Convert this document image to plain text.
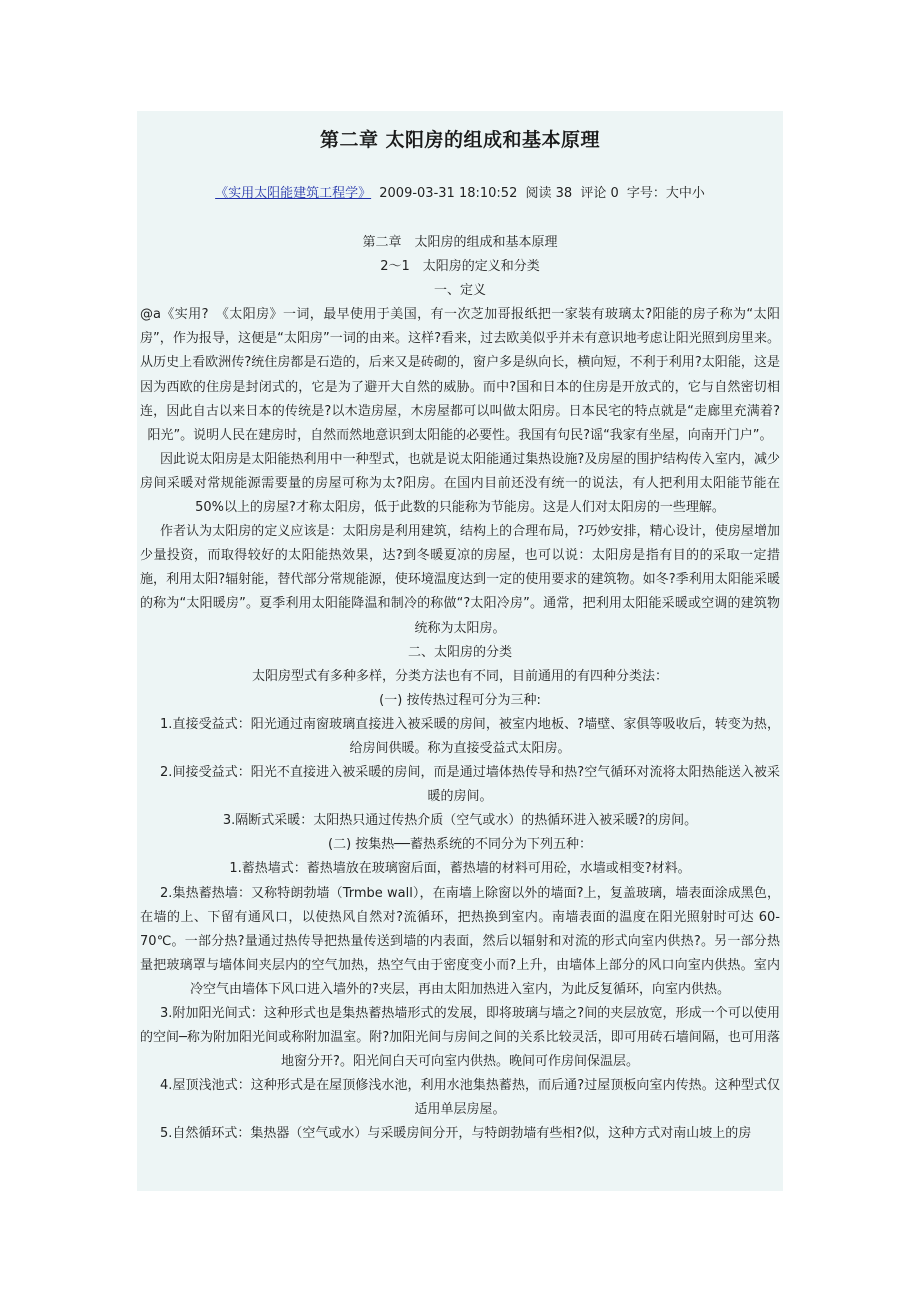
第二章 太阳房的组成和基本原理
《实用太阳能建筑工程学》 2009-03-31 18:10:52 阅读 38 评论 0 字号：大中小
第二章　太阳房的组成和基本原理
2～1　太阳房的定义和分类
一、定义
@a《实用?　《太阳房》一词，最早使用于美国，有一次芝加哥报纸把一家装有玻璃太?阳能的房子称为“太阳房”，作为报导，这便是“太阳房”一词的由来。这样?看来，过去欧美似乎并未有意识地考虑让阳光照到房里来。从历史上看欧洲传?统住房都是石造的，后来又是砖砌的，窗户多是纵向长，横向短，不利于利用?太阳能，这是因为西欧的住房是封闭式的，它是为了避开大自然的威胁。而中?国和日本的住房是开放式的，它与自然密切相连，因此自古以来日本的传统是?以木造房屋，木房屋都可以叫做太阳房。日本民宅的特点就是“走廊里充满着?阳光”。说明人民在建房时，自然而然地意识到太阳能的必要性。我国有句民?谣“我家有坐屋，向南开门户”。
因此说太阳房是太阳能热利用中一种型式，也就是说太阳能通过集热设施?及房屋的围护结构传入室内，减少房间采暖对常规能源需要量的房屋可称为太?阳房。在国内目前还没有统一的说法，有人把利用太阳能节能在 50%以上的房屋?才称太阳房，低于此数的只能称为节能房。这是人们对太阳房的一些理解。
作者认为太阳房的定义应该是：太阳房是利用建筑，结构上的合理布局，?巧妙安排，精心设计，使房屋增加少量投资，而取得较好的太阳能热效果，达?到冬暖夏凉的房屋，也可以说：太阳房是指有目的的采取一定措施，利用太阳?辐射能，替代部分常规能源，使环境温度达到一定的使用要求的建筑物。如冬?季利用太阳能采暖的称为“太阳暖房”。夏季利用太阳能降温和制冷的称做“?太阳冷房”。通常，把利用太阳能采暖或空调的建筑物统称为太阳房。
二、太阳房的分类
太阳房型式有多种多样，分类方法也有不同，目前通用的有四种分类法：
(一) 按传热过程可分为三种:
1.直接受益式：阳光通过南窗玻璃直接进入被采暖的房间，被室内地板、?墙壁、家俱等吸收后，转变为热，给房间供暖。称为直接受益式太阳房。
2.间接受益式：阳光不直接进入被采暖的房间，而是通过墙体热传导和热?空气循环对流将太阳热能送入被采暖的房间。
3.隔断式采暖：太阳热只通过传热介质（空气或水）的热循环进入被采暖?的房间。
(二) 按集热──蓄热系统的不同分为下列五种：
1.蓄热墙式：蓄热墙放在玻璃窗后面，蓄热墙的材料可用砼，水墙或相变?材料。
2.集热蓄热墙：又称特朗勃墙（Trmbe wall），在南墙上除窗以外的墙面?上，复盖玻璃，墙表面涂成黑色，在墙的上、下留有通风口，以使热风自然对?流循环，把热换到室内。南墙表面的温度在阳光照射时可达 60-70℃。一部分热?量通过热传导把热量传送到墙的内表面，然后以辐射和对流的形式向室内供热?。另一部分热量把玻璃罩与墙体间夹层内的空气加热，热空气由于密度变小而?上升，由墙体上部分的风口向室内供热。室内冷空气由墙体下风口进入墙外的?夹层，再由太阳加热进入室内，为此反复循环，向室内供热。
3.附加阳光间式：这种形式也是集热蓄热墙形式的发展，即将玻璃与墙之?间的夹层放宽，形成一个可以使用的空间─称为附加阳光间或称附加温室。附?加阳光间与房间之间的关系比较灵活，即可用砖石墙间隔，也可用落地窗分开?。阳光间白天可向室内供热。晚间可作房间保温层。
4.屋顶浅池式：这种形式是在屋顶修浅水池，利用水池集热蓄热，而后通?过屋顶板向室内传热。这种型式仅适用单层房屋。
5.自然循环式：集热器（空气或水）与采暖房间分开，与特朗勃墙有些相?似，这种方式对南山坡上的房
